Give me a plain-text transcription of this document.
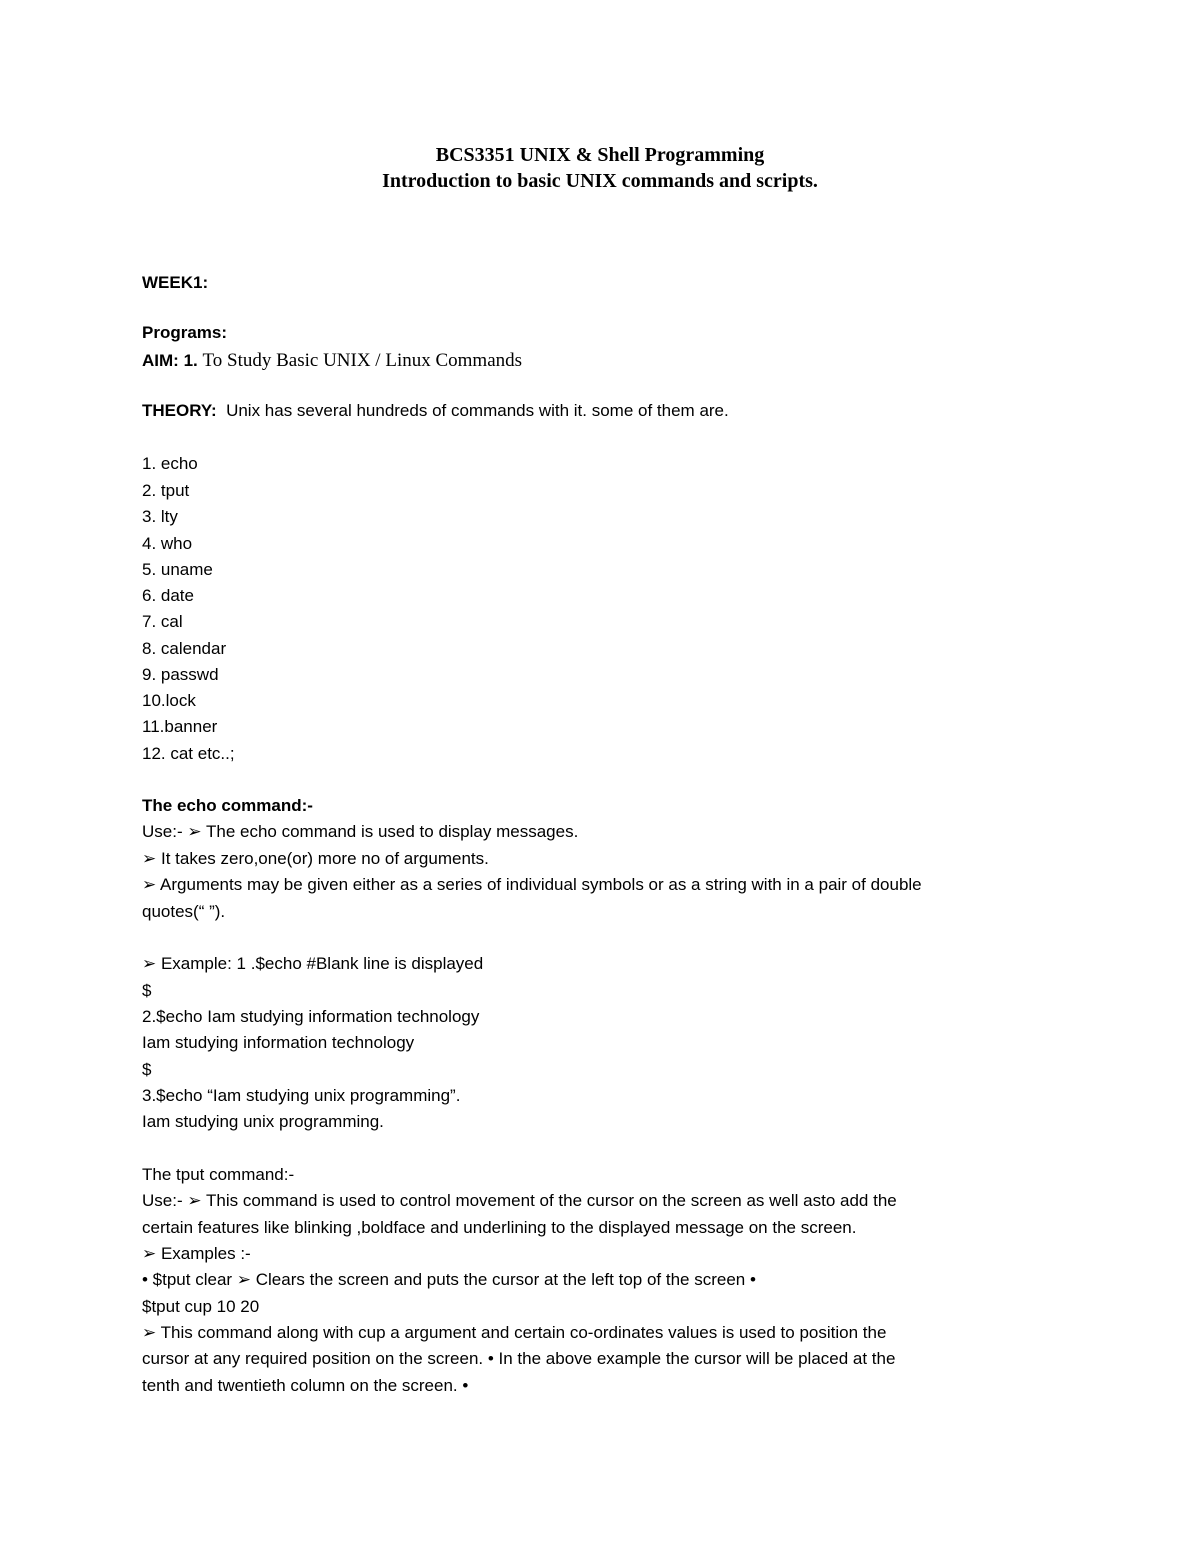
BCS3351 UNIX & Shell Programming
Introduction to basic UNIX commands and scripts.
WEEK1:
Programs:
AIM: 1. To Study Basic UNIX / Linux Commands
THEORY: Unix has several hundreds of commands with it. some of them are.
1. echo
2. tput
3. lty
4. who
5. uname
6. date
7. cal
8. calendar
9. passwd
10.lock
11.banner
12. cat etc..;
The echo command:-
Use:- ➢ The echo command is used to display messages.
➢ It takes zero,one(or) more no of arguments.
➢ Arguments may be given either as a series of individual symbols or as a string with in a pair of double
quotes(“ ”).
➢ Example: 1 .$echo #Blank line is displayed
$
2.$echo Iam studying information technology
Iam studying information technology
$
3.$echo “Iam studying unix programming”.
Iam studying unix programming.
The tput command:-
Use:- ➢ This command is used to control movement of the cursor on the screen as well asto add the
certain features like blinking ,boldface and underlining to the displayed message on the screen.
➢ Examples :-
• $tput clear ➢ Clears the screen and puts the cursor at the left top of the screen •
$tput cup 10 20
➢ This command along with cup a argument and certain co-ordinates values is used to position the
cursor at any required position on the screen. • In the above example the cursor will be placed at the
tenth and twentieth column on the screen. •
